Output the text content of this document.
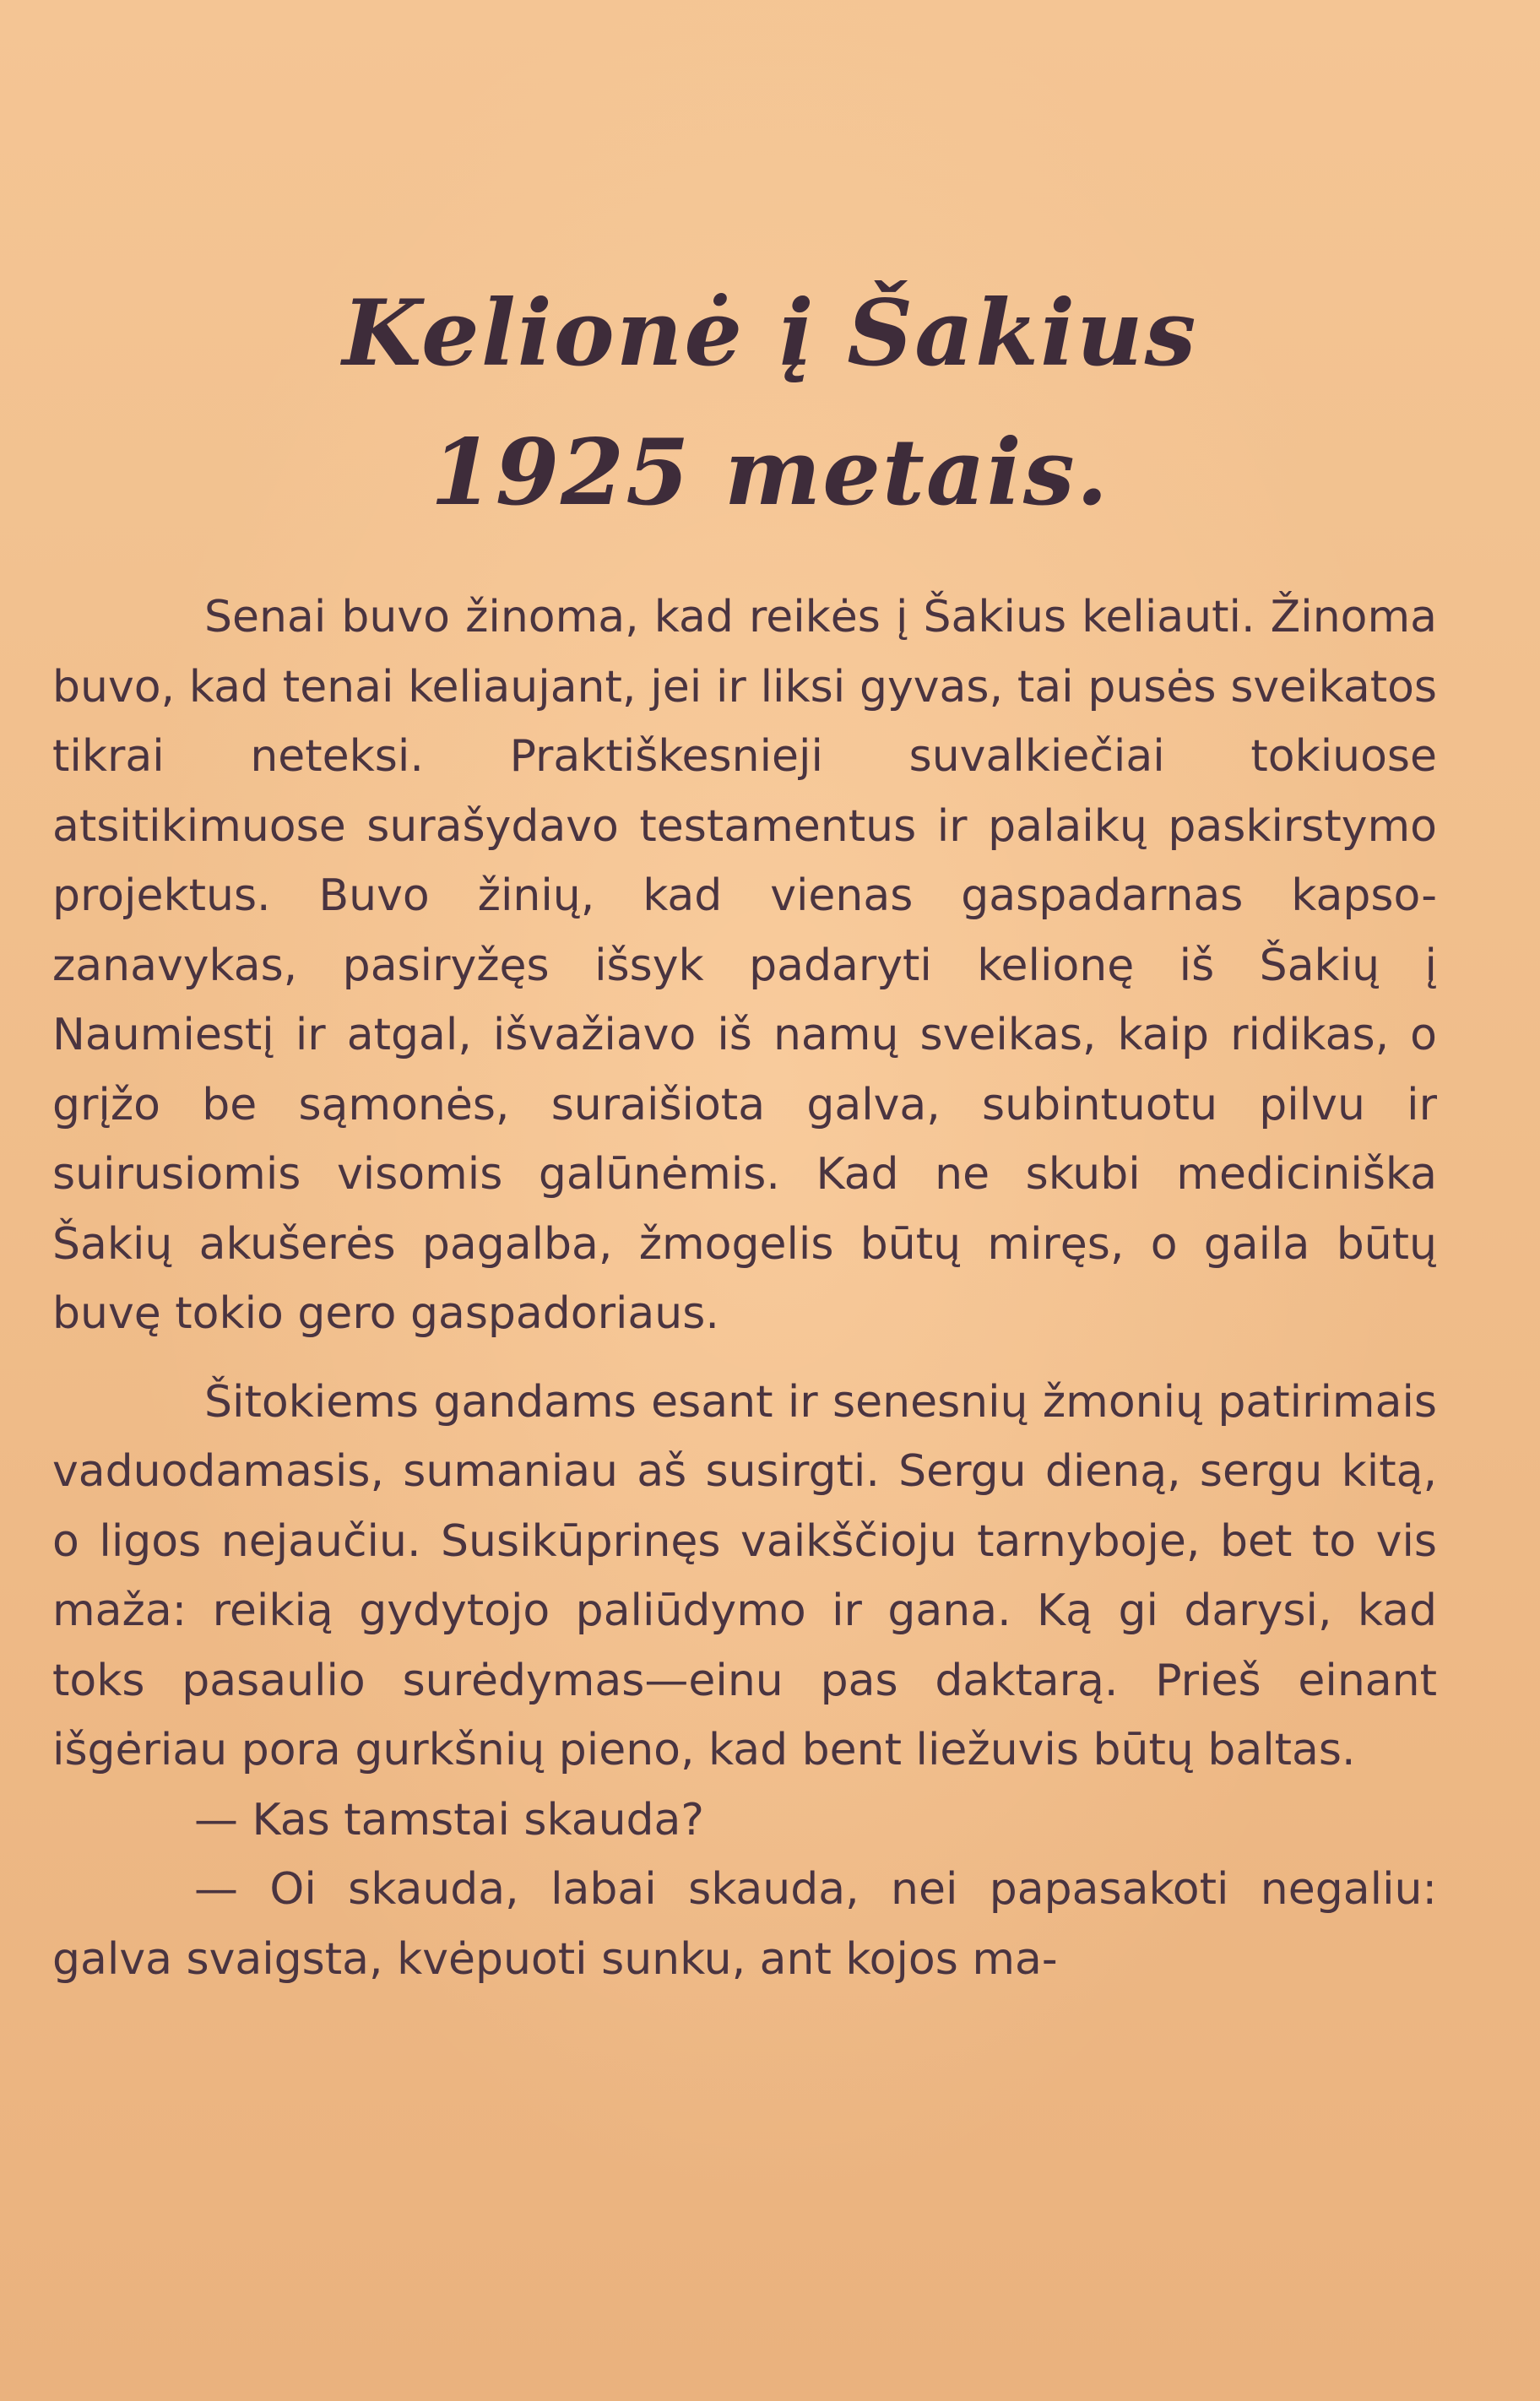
Kelionė į Šakius
1925 metais.

Senai buvo žinoma, kad reikės į Šakius keliauti. Žinoma buvo, kad tenai keliaujant, jei ir liksi gyvas, tai pusės sveikatos tikrai neteksi. Praktiškesnieji suvalkiečiai tokiuose atsitikimuose surašydavo testamentus ir palaikų paskirstymo projektus. Buvo žinių, kad vienas gaspadarnas kapso-zanavykas, pasiryžęs išsyk padaryti kelionę iš Šakių į Naumiestį ir atgal, išvažiavo iš namų sveikas, kaip ridikas, o grįžo be sąmonės, suraišiota galva, subintuotu pilvu ir suirusiomis visomis galūnėmis. Kad ne skubi mediciniška Šakių akušerės pagalba, žmogelis būtų miręs, o gaila būtų buvę tokio gero gaspadoriaus.

Šitokiems gandams esant ir senesnių žmonių patirimais vaduodamasis, sumaniau aš susirgti. Sergu dieną, sergu kitą, o ligos nejaučiu. Susikūprinęs vaikščioju tarnyboje, bet to vis maža: reikią gydytojo paliūdymo ir gana. Ką gi darysi, kad toks pasaulio surėdymas—einu pas daktarą. Prieš einant išgėriau pora gurkšnių pieno, kad bent liežuvis būtų baltas.

— Kas tamstai skauda?

— Oi skauda, labai skauda, nei papasakoti negaliu: galva svaigsta, kvėpuoti sunku, ant kojos ma-
